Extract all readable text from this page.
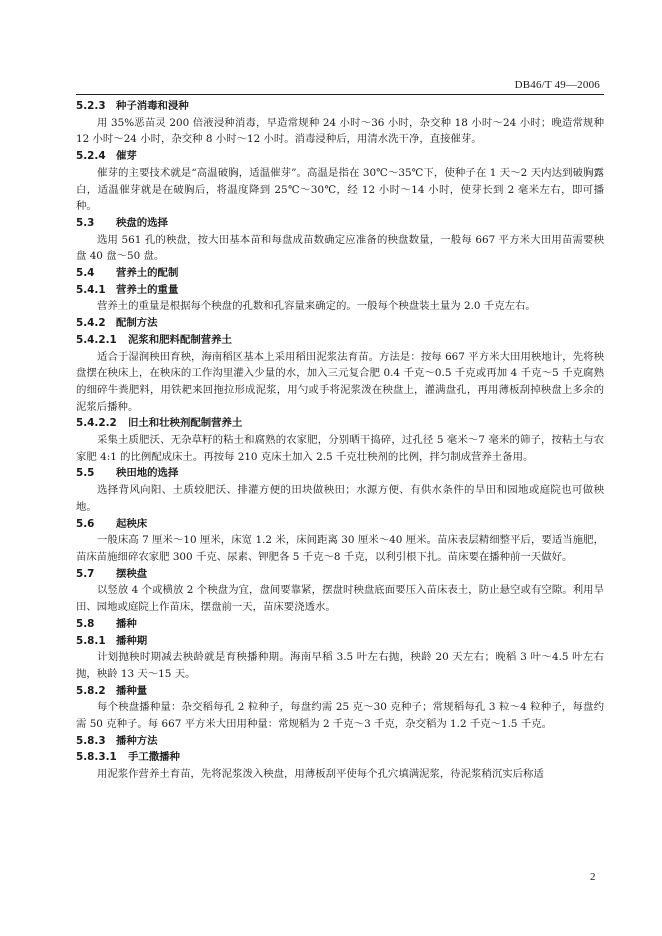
DB46/T 49—2006
5.2.3 种子消毒和浸种
用 35%恶苗灵 200 倍液浸种消毒，早造常规种 24 小时～36 小时，杂交种 18 小时～24 小时；晚造常规种 12 小时～24 小时，杂交种 8 小时～12 小时。消毒浸种后，用清水洗干净，直接催芽。
5.2.4 催芽
催芽的主要技术就是“高温破胸，适温催芽”。高温是指在 30℃～35℃下，使种子在 1 天～2 天内达到破胸露白，适温催芽就是在破胸后，将温度降到 25℃～30℃，经 12 小时～14 小时，使芽长到 2 毫米左右，即可播种。
5.3 秧盘的选择
选用 561 孔的秧盘，按大田基本苗和每盘成苗数确定应准备的秧盘数量，一般每 667 平方米大田用苗需要秧盘 40 盘～50 盘。
5.4 营养土的配制
5.4.1 营养土的重量
营养土的重量是根据每个秧盘的孔数和孔容量来确定的。一般每个秧盘装土量为 2.0 千克左右。
5.4.2 配制方法
5.4.2.1 泥浆和肥料配制营养土
适合于湿润秧田育秧，海南稻区基本上采用稻田泥浆法育苗。方法是：按每 667 平方米大田用秧地计，先将秧盘摆在秧床上，在秧床的工作沟里灌入少量的水，加入三元复合肥 0.4 千克～0.5 千克或再加 4 千克～5 千克腐熟的细碎牛粪肥料，用铁耙来回拖拉形成泥浆，用勺或手将泥浆泼在秧盘上，灌满盘孔，再用薄板刮掉秧盘上多余的泥浆后播种。
5.4.2.2 旧土和壮秧剂配制营养土
采集土质肥沃、无杂草籽的粘土和腐熟的农家肥，分别晒干捣碎，过孔径 5 毫米～7 毫米的筛子，按粘土与农家肥 4:1 的比例配成床土。再按每 210 克床土加入 2.5 千克壮秧剂的比例，拌匀制成营养土备用。
5.5 秧田地的选择
选择背风向阳、土质较肥沃、排灌方便的田块做秧田；水源方便、有供水条件的旱田和园地或庭院也可做秧地。
5.6 起秧床
一般床高 7 厘米～10 厘米，床宽 1.2 米，床间距离 30 厘米～40 厘米。苗床表层精细整平后，要适当施肥，苗床苗施细碎农家肥 300 千克、尿素、钾肥各 5 千克～8 千克，以利引根下扎。苗床要在播种前一天做好。
5.7 摆秧盘
以竖放 4 个或横放 2 个秧盘为宜，盘间要靠紧，摆盘时秧盘底面要压入苗床表土，防止悬空或有空隙。利用旱田、园地或庭院上作苗床，摆盘前一天，苗床要浇透水。
5.8 播种
5.8.1 播种期
计划抛秧时期减去秧龄就是育秧播种期。海南早稻 3.5 叶左右抛，秧龄 20 天左右；晚稻 3 叶～4.5 叶左右抛，秧龄 13 天～15 天。
5.8.2 播种量
每个秧盘播种量：杂交稻每孔 2 粒种子，每盘约需 25 克～30 克种子；常规稻每孔 3 粒～4 粒种子，每盘约需 50 克种子。每 667 平方米大田用种量：常规稻为 2 千克～3 千克，杂交稻为 1.2 千克～1.5 千克。
5.8.3 播种方法
5.8.3.1 手工撒播种
用泥浆作营养土育苗，先将泥浆泼入秧盘，用薄板刮平使每个孔穴填满泥浆，待泥浆稍沉实后称适
2
